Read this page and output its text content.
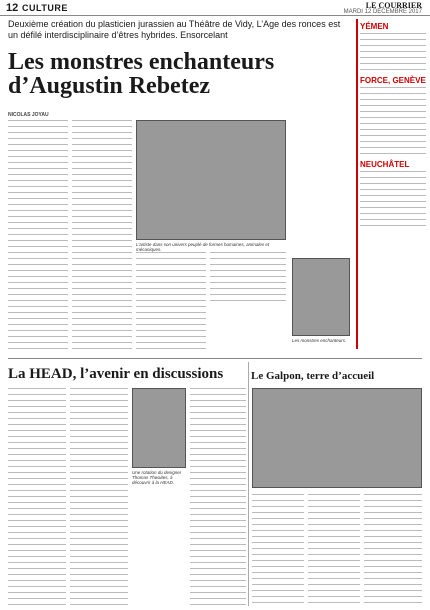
12 CULTURE	LE COURRIER
MARDI 12 DÉCEMBRE 2017
Deuxième création du plasticien jurassien au Théâtre de Vidy, L’Age des ronces est un défilé interdisciplinaire d’êtres hybrides. Ensorcelant
Les monstres enchanteurs d’Augustin Rebetez
NICOLAS JOYAU
L’artiste dans son univers peuplé de formes humaines, animales et mécaniques.
Les monstres enchanteurs.
YÉMEN
FORCE, GENÈVE
NEUCHÂTEL
La HEAD, l’avenir en discussions
Une rotation du designer Thomas Thwaites, à découvrir à la HEAD.
Le Galpon, terre d’accueil
